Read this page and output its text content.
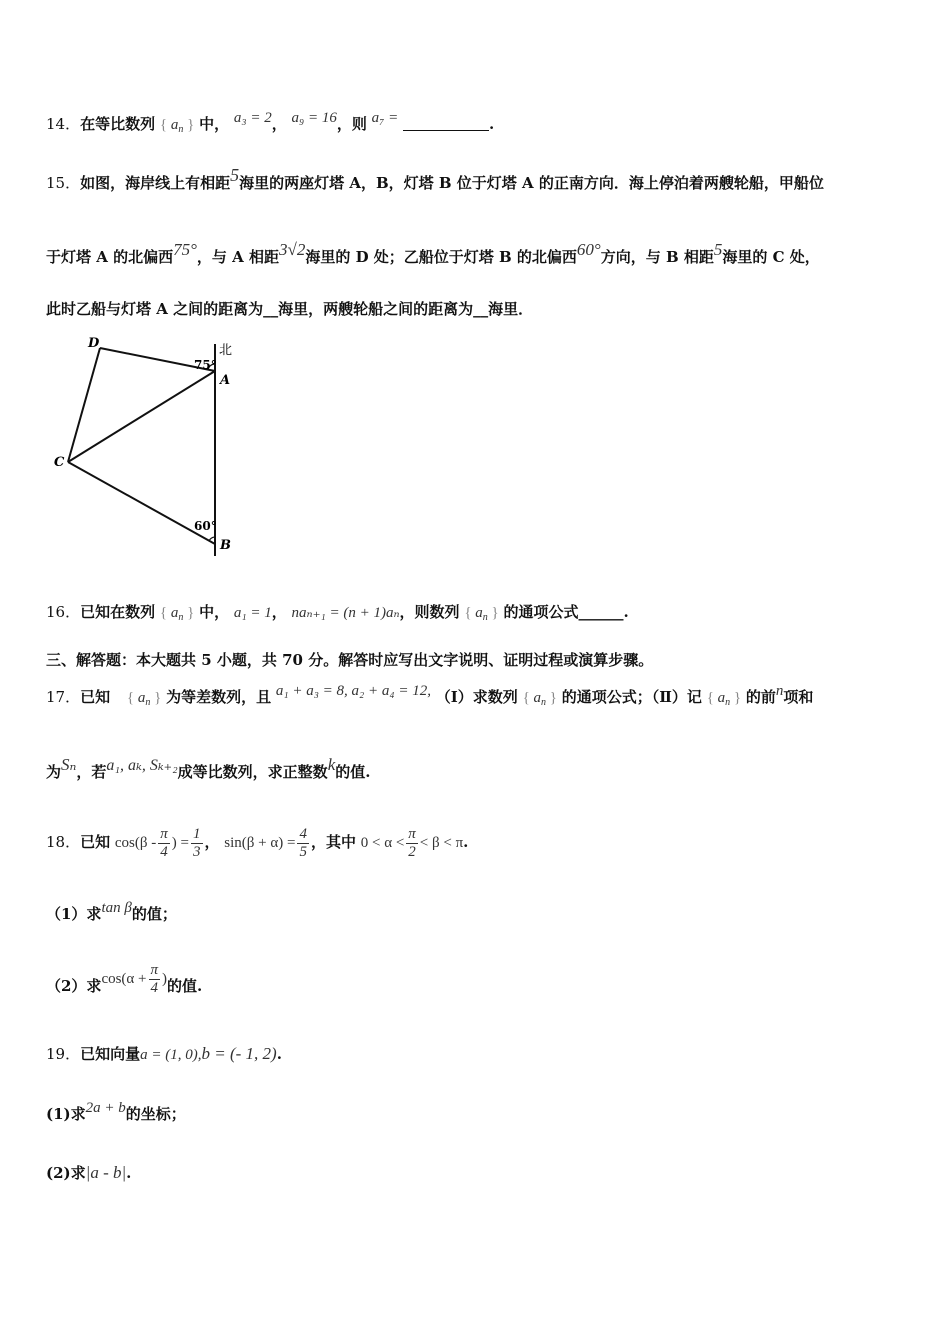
14．在等比数列 { $a_n$ } 中， a₃ = 2， a₉ = 16，则 a₇ =	.
15．如图，海岸线上有相距5海里的两座灯塔 A，B，灯塔 B 位于灯塔 A 的正南方向．海上停泊着两艘轮船，甲船位
于灯塔 A 的北偏西75°，与 A 相距3√2海里的 D 处；乙船位于灯塔 B 的北偏西60°方向，与 B 相距5海里的 C 处，
此时乙船与灯塔 A 之间的距离为__海里，两艘轮船之间的距离为__海里．
D
A
C
B
北
75°
60°
16．已知在数列 { $a_n$ } 中， a₁ = 1， naₙ₊₁ = (n + 1)aₙ，则数列 { $a_n$ } 的通项公式______.
三、解答题：本大题共 5 小题，共 70 分。解答时应写出文字说明、证明过程或演算步骤。
17．已知 { $a_n$ } 为等差数列，且 a₁ + a₃ = 8, a₂ + a₄ = 12, （Ⅰ）求数列 { $a_n$ } 的通项公式；（Ⅱ）记 { $a_n$ } 的前n项和
为Sₙ，若a₁, aₖ, Sₖ₊₂成等比数列，求正整数k的值.
18．已知 $\cos(\beta - \frac{\pi}{4}$ ) = $\frac{1}{3}$ ， $\sin(\beta + \alpha) = \frac{4}{5}$ ，其中 $0 < \alpha < \frac{\pi}{2} < \beta < \pi$.
（1）求tan β的值；
（2）求$\cos(\alpha + \frac{\pi}{4}$ )的值.
19．已知向量a = (1, 0),b = (- 1, 2).
(1)求2a + b的坐标；
(2)求|a - b|.
